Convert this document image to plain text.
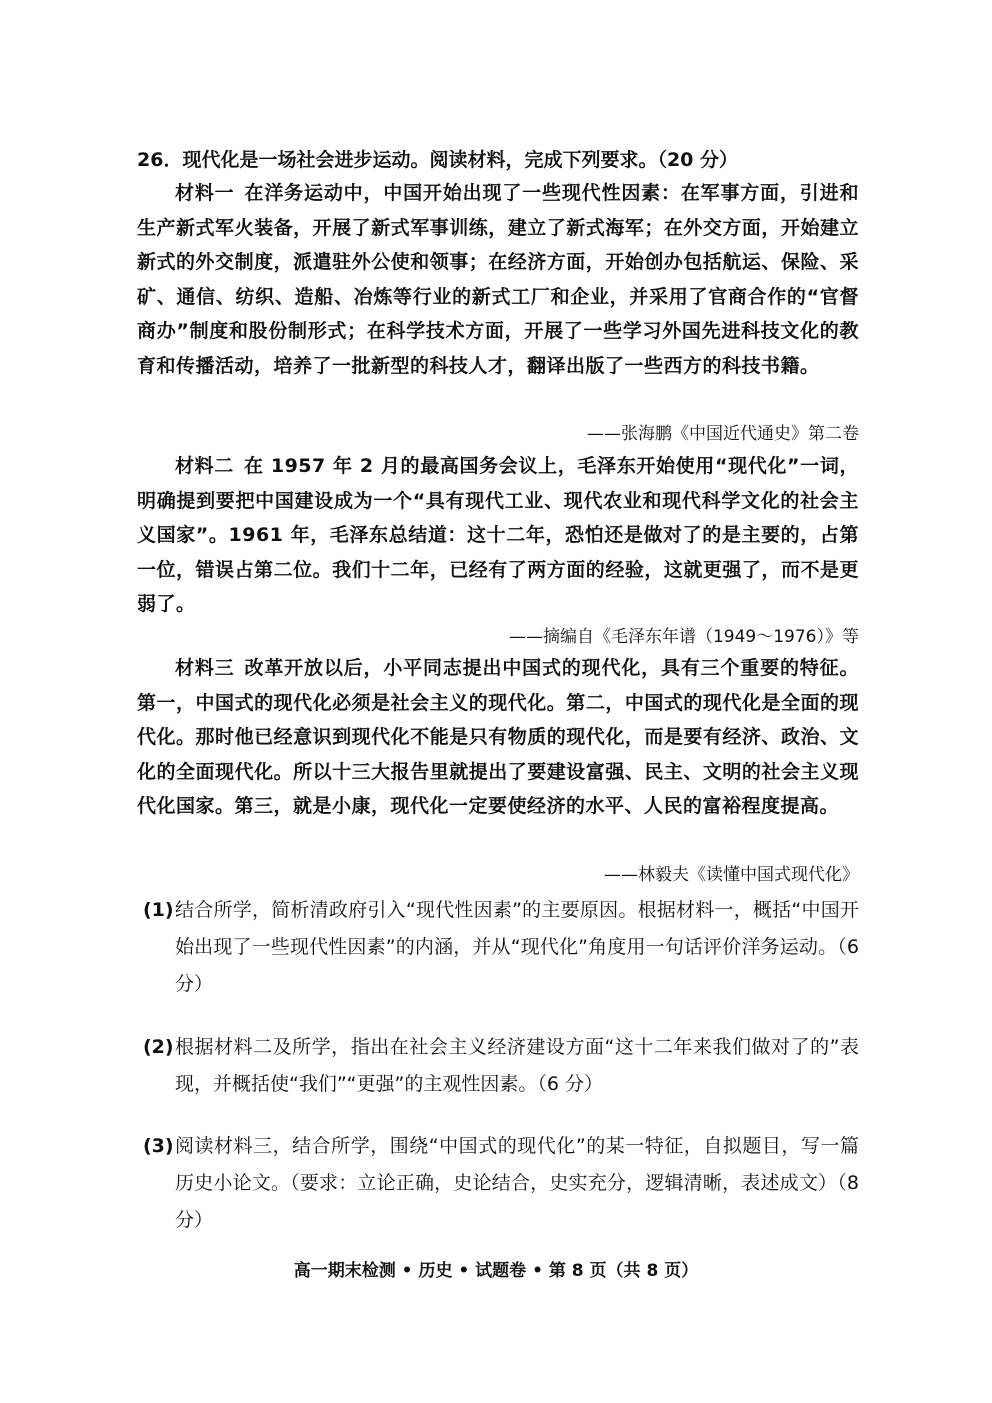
26．现代化是一场社会进步运动。阅读材料，完成下列要求。（20 分）
材料一 在洋务运动中，中国开始出现了一些现代性因素：在军事方面，引进和生产新式军火装备，开展了新式军事训练，建立了新式海军；在外交方面，开始建立新式的外交制度，派遣驻外公使和领事；在经济方面，开始创办包括航运、保险、采矿、通信、纺织、造船、冶炼等行业的新式工厂和企业，并采用了官商合作的“官督商办”制度和股份制形式；在科学技术方面，开展了一些学习外国先进科技文化的教育和传播活动，培养了一批新型的科技人才，翻译出版了一些西方的科技书籍。
——张海鹏《中国近代通史》第二卷
材料二 在 1957 年 2 月的最高国务会议上，毛泽东开始使用“现代化”一词，明确提到要把中国建设成为一个“具有现代工业、现代农业和现代科学文化的社会主义国家”。1961 年，毛泽东总结道：这十二年，恐怕还是做对了的是主要的，占第一位，错误占第二位。我们十二年，已经有了两方面的经验，这就更强了，而不是更弱了。
——摘编自《毛泽东年谱（1949～1976）》等
材料三 改革开放以后，小平同志提出中国式的现代化，具有三个重要的特征。第一，中国式的现代化必须是社会主义的现代化。第二，中国式的现代化是全面的现代化。那时他已经意识到现代化不能是只有物质的现代化，而是要有经济、政治、文化的全面现代化。所以十三大报告里就提出了要建设富强、民主、文明的社会主义现代化国家。第三，就是小康，现代化一定要使经济的水平、人民的富裕程度提高。
——林毅夫《读懂中国式现代化》
(1) 结合所学，简析清政府引入“现代性因素”的主要原因。根据材料一，概括“中国开始出现了一些现代性因素”的内涵，并从“现代化”角度用一句话评价洋务运动。（6 分）
(2) 根据材料二及所学，指出在社会主义经济建设方面“这十二年来我们做对了的”表现，并概括使“我们”“更强”的主观性因素。（6 分）
(3) 阅读材料三，结合所学，围绕“中国式的现代化”的某一特征，自拟题目，写一篇历史小论文。（要求：立论正确，史论结合，史实充分，逻辑清晰，表述成文）（8 分）
高一期末检测 • 历史 • 试题卷 • 第 8 页（共 8 页）
